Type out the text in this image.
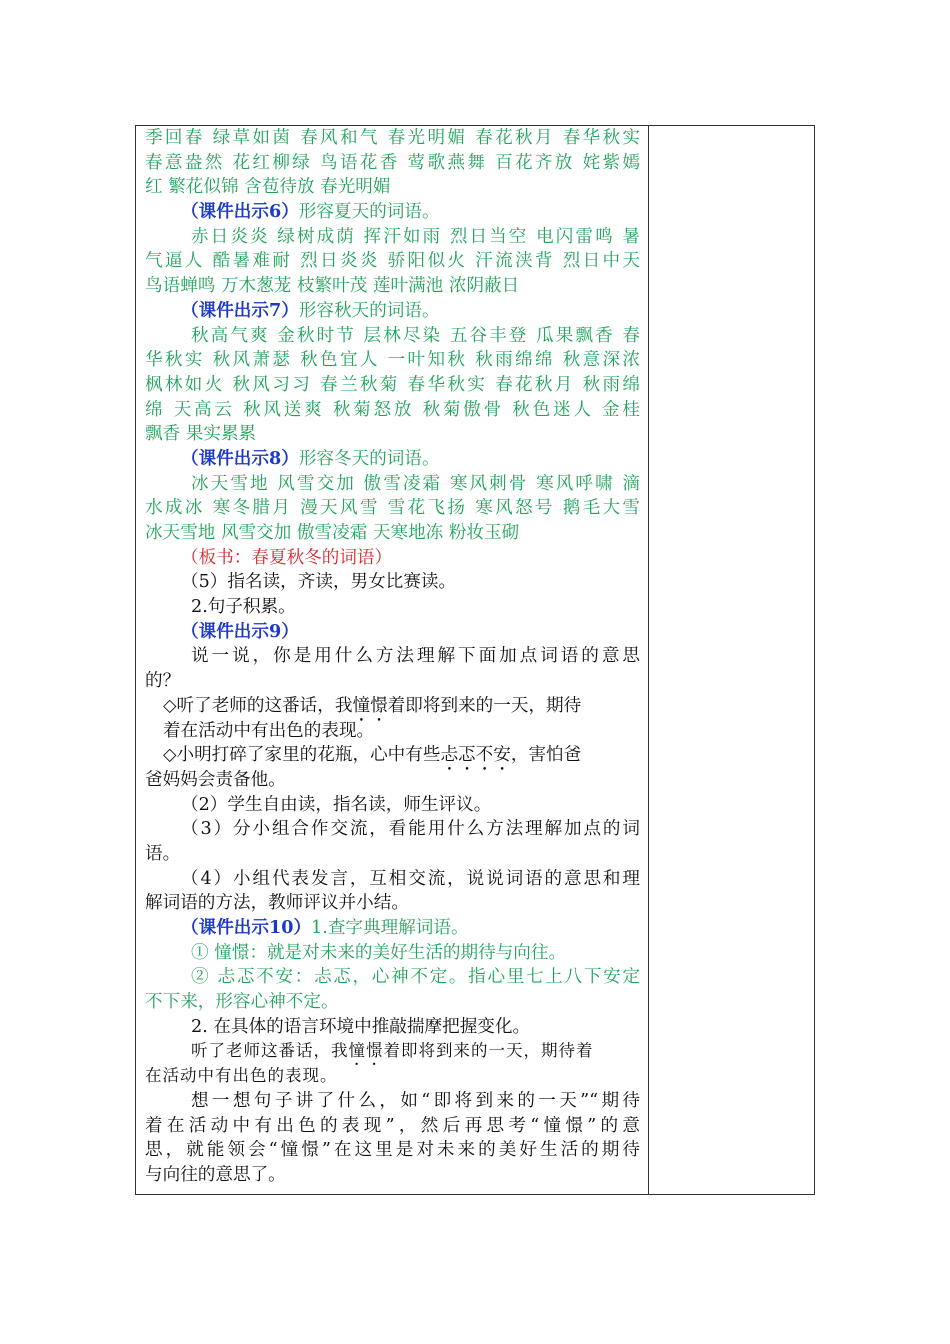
季回春 绿草如茵 春风和气 春光明媚 春花秋月 春华秋实
春意盎然 花红柳绿 鸟语花香 莺歌燕舞 百花齐放 姹紫嫣
红 繁花似锦 含苞待放 春光明媚
（课件出示6）形容夏天的词语。
赤日炎炎 绿树成荫 挥汗如雨 烈日当空 电闪雷鸣 暑
气逼人 酷暑难耐 烈日炎炎 骄阳似火 汗流浃背 烈日中天
鸟语蝉鸣 万木葱茏 枝繁叶茂 莲叶满池 浓阴蔽日
（课件出示7）形容秋天的词语。
秋高气爽 金秋时节 层林尽染 五谷丰登 瓜果飘香 春
华秋实 秋风萧瑟 秋色宜人 一叶知秋 秋雨绵绵 秋意深浓
枫林如火 秋风习习 春兰秋菊 春华秋实 春花秋月 秋雨绵
绵 天高云 秋风送爽 秋菊怒放 秋菊傲骨 秋色迷人 金桂
飘香 果实累累
（课件出示8）形容冬天的词语。
冰天雪地 风雪交加 傲雪凌霜 寒风刺骨 寒风呼啸 滴
水成冰 寒冬腊月 漫天风雪 雪花飞扬 寒风怒号 鹅毛大雪
冰天雪地 风雪交加 傲雪凌霜 天寒地冻 粉妆玉砌
（板书：春夏秋冬的词语）
（5）指名读，齐读，男女比赛读。
2.句子积累。
（课件出示9）
说一说，你是用什么方法理解下面加点词语的意思
的？
◇听了老师的这番话，我憧憬着即将到来的一天，期待
着在活动中有出色的表现。
◇小明打碎了家里的花瓶，心中有些忐忑不安，害怕爸
爸妈妈会责备他。
（2）学生自由读，指名读，师生评议。
（3）分小组合作交流，看能用什么方法理解加点的词
语。
（4）小组代表发言，互相交流，说说词语的意思和理
解词语的方法，教师评议并小结。
（课件出示10）1.查字典理解词语。
① 憧憬：就是对未来的美好生活的期待与向往。
② 忐忑不安：忐忑，心神不定。指心里七上八下安定
不下来，形容心神不定。
2. 在具体的语言环境中推敲揣摩把握变化。
听了老师这番话，我憧憬着即将到来的一天，期待着
在活动中有出色的表现。
想一想句子讲了什么，如“即将到来的一天”“期待
着在活动中有出色的表现”，然后再思考“憧憬”的意
思，就能领会“憧憬”在这里是对未来的美好生活的期待
与向往的意思了。
